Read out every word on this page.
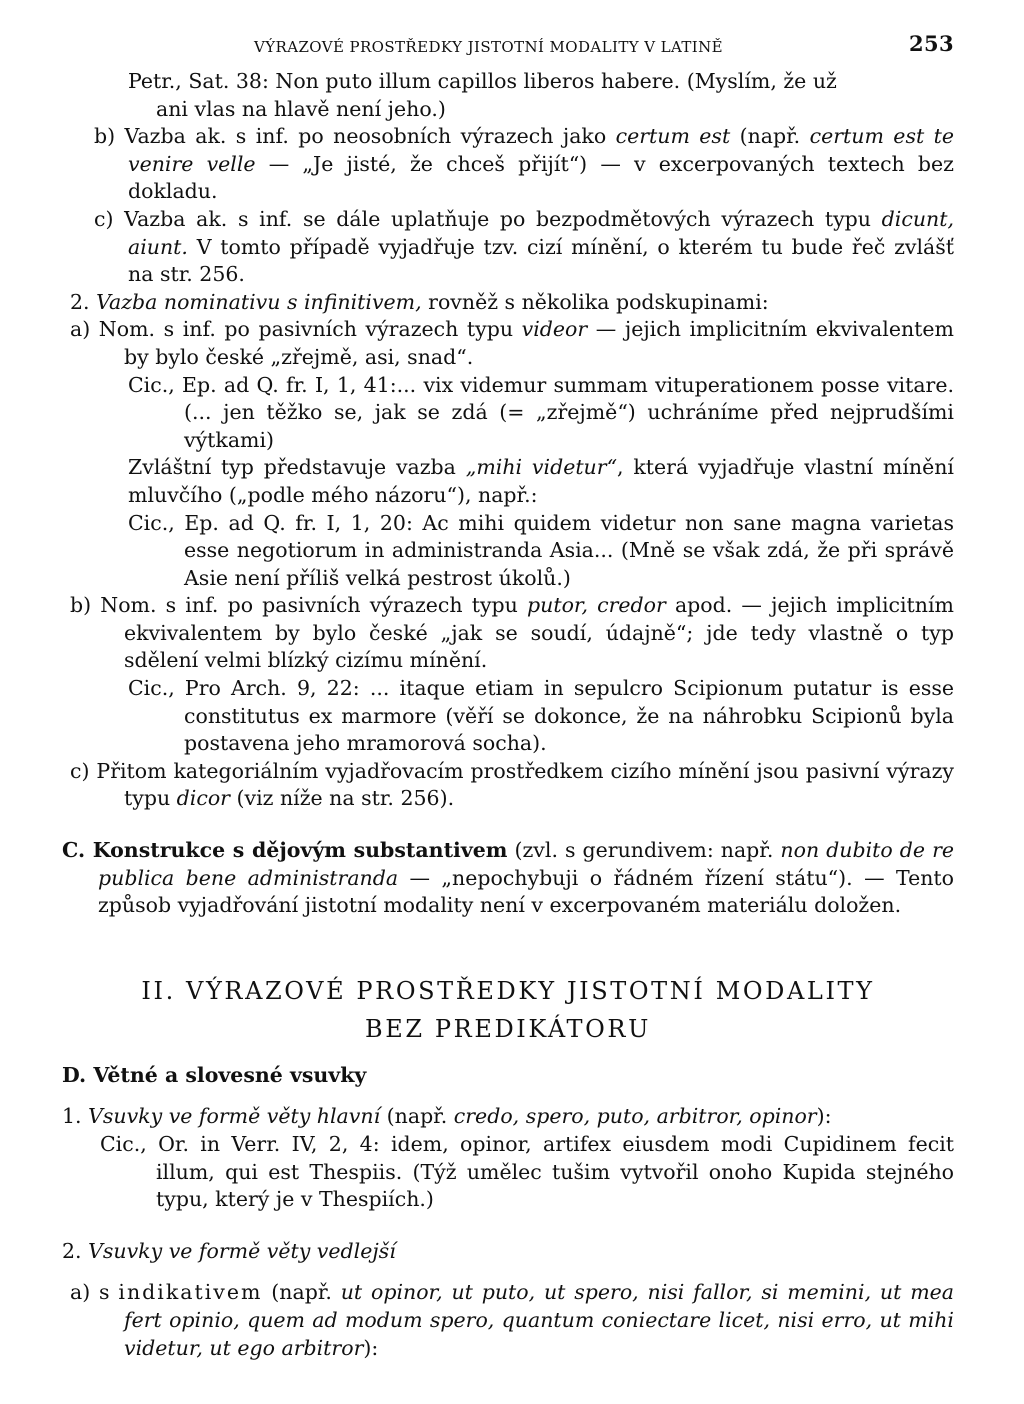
VÝRAZOVÉ PROSTŘEDKY JISTOTNÍ MODALITY V LATINĚ	253

Petr., Sat. 38: Non puto illum capillos liberos habere. (Myslím, že už
ani vlas na hlavě není jeho.)

b) Vazba ak. s inf. po neosobních výrazech jako certum est (např. certum est te venire velle — „Je jisté, že chceš přijít“) — v excerpovaných textech bez dokladu.

c) Vazba ak. s inf. se dále uplatňuje po bezpodmětových výrazech typu dicunt, aiunt. V tomto případě vyjadřuje tzv. cizí mínění, o kterém tu bude řeč zvlášť na str. 256.

2. Vazba nominativu s infinitivem, rovněž s několika podskupinami:

a) Nom. s inf. po pasivních výrazech typu videor — jejich implicitním ekvivalentem by bylo české „zřejmě, asi, snad“.

Cic., Ep. ad Q. fr. I, 1, 41:... vix videmur summam vituperationem posse vitare. (... jen těžko se, jak se zdá (= „zřejmě“) uchráníme před nejprudšími výtkami)

Zvláštní typ představuje vazba „mihi videtur“, která vyjadřuje vlastní mínění mluvčího („podle mého názoru“), např.:

Cic., Ep. ad Q. fr. I, 1, 20: Ac mihi quidem videtur non sane magna varietas esse negotiorum in administranda Asia... (Mně se však zdá, že při správě Asie není příliš velká pestrost úkolů.)

b) Nom. s inf. po pasivních výrazech typu putor, credor apod. — jejich implicitním ekvivalentem by bylo české „jak se soudí, údajně“; jde tedy vlastně o typ sdělení velmi blízký cizímu mínění.

Cic., Pro Arch. 9, 22: ... itaque etiam in sepulcro Scipionum putatur is esse constitutus ex marmore (věří se dokonce, že na náhrobku Scipionů byla postavena jeho mramorová socha).

c) Přitom kategoriálním vyjadřovacím prostředkem cizího mínění jsou pasivní výrazy typu dicor (viz níže na str. 256).

C. Konstrukce s dějovým substantivem (zvl. s gerundivem: např. non dubito de re publica bene administranda — „nepochybuji o řádném řízení státu“). — Tento způsob vyjadřování jistotní modality není v excerpovaném materiálu doložen.

II. VÝRAZOVÉ PROSTŘEDKY JISTOTNÍ MODALITY
BEZ PREDIKÁTORU

D. Větné a slovesné vsuvky

1. Vsuvky ve formě věty hlavní (např. credo, spero, puto, arbitror, opinor):

Cic., Or. in Verr. IV, 2, 4: idem, opinor, artifex eiusdem modi Cupidinem fecit illum, qui est Thespiis. (Týž umělec tušim vytvořil onoho Kupida stejného typu, který je v Thespiích.)

2. Vsuvky ve formě věty vedlejší

a) s indikativem (např. ut opinor, ut puto, ut spero, nisi fallor, si memini, ut mea fert opinio, quem ad modum spero, quantum coniectare licet, nisi erro, ut mihi videtur, ut ego arbitror):
